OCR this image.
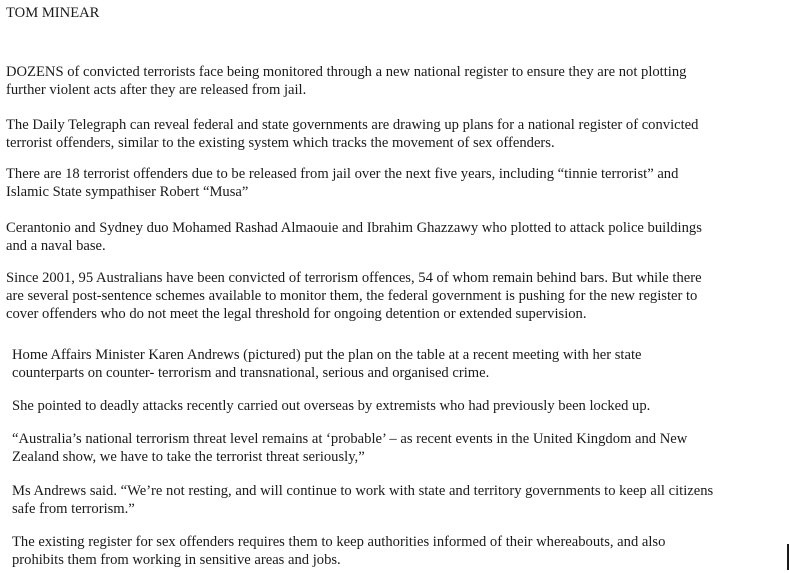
TOM MINEAR

DOZENS of convicted terrorists face being monitored through a new national register to ensure they are not plotting
further violent acts after they are released from jail.

The Daily Telegraph can reveal federal and state governments are drawing up plans for a national register of convicted
terrorist offenders, similar to the existing system which tracks the movement of sex offenders.

There are 18 terrorist offenders due to be released from jail over the next five years, including “tinnie terrorist” and
Islamic State sympathiser Robert “Musa”

Cerantonio and Sydney duo Mohamed Rashad Almaouie and Ibrahim Ghazzawy who plotted to attack police buildings
and a naval base.

Since 2001, 95 Australians have been convicted of terrorism offences, 54 of whom remain behind bars. But while there
are several post-sentence schemes available to monitor them, the federal government is pushing for the new register to
cover offenders who do not meet the legal threshold for ongoing detention or extended supervision.

Home Affairs Minister Karen Andrews (pictured) put the plan on the table at a recent meeting with her state
counterparts on counter- terrorism and transnational, serious and organised crime.

She pointed to deadly attacks recently carried out overseas by extremists who had previously been locked up.

“Australia’s national terrorism threat level remains at ‘probable’ – as recent events in the United Kingdom and New
Zealand show, we have to take the terrorist threat seriously,”

Ms Andrews said. “We’re not resting, and will continue to work with state and territory governments to keep all citizens
safe from terrorism.”

The existing register for sex offenders requires them to keep authorities informed of their whereabouts, and also
prohibits them from working in sensitive areas and jobs.
